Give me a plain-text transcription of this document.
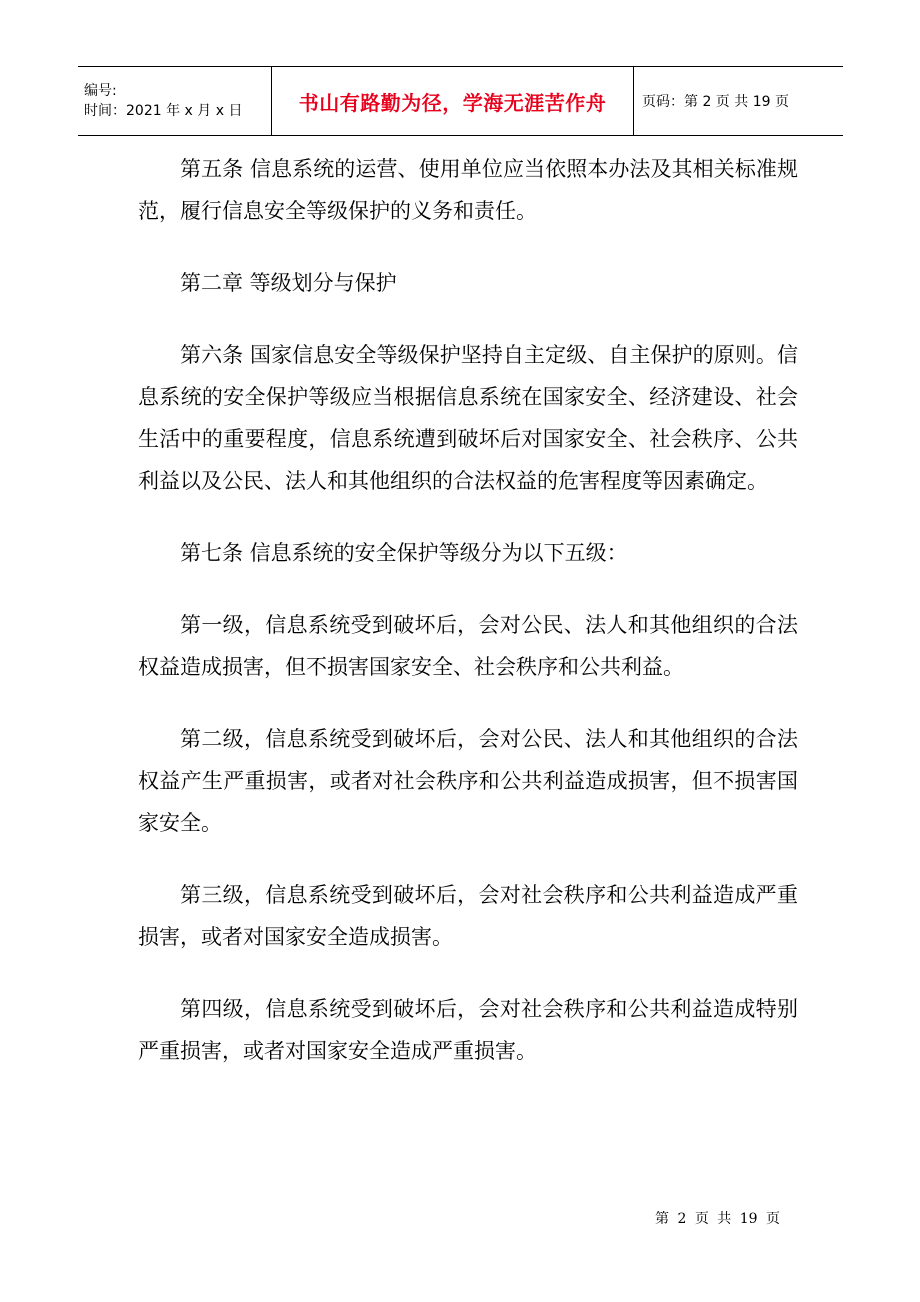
编号:
时间：2021 年 x 月 x 日	书山有路勤为径，学海无涯苦作舟	页码：第 2 页 共 19 页

第五条 信息系统的运营、使用单位应当依照本办法及其相关标准规范，履行信息安全等级保护的义务和责任。

第二章 等级划分与保护

第六条 国家信息安全等级保护坚持自主定级、自主保护的原则。信息系统的安全保护等级应当根据信息系统在国家安全、经济建设、社会生活中的重要程度，信息系统遭到破坏后对国家安全、社会秩序、公共利益以及公民、法人和其他组织的合法权益的危害程度等因素确定。

第七条 信息系统的安全保护等级分为以下五级：

第一级，信息系统受到破坏后，会对公民、法人和其他组织的合法权益造成损害，但不损害国家安全、社会秩序和公共利益。

第二级，信息系统受到破坏后，会对公民、法人和其他组织的合法权益产生严重损害，或者对社会秩序和公共利益造成损害，但不损害国家安全。

第三级，信息系统受到破坏后，会对社会秩序和公共利益造成严重损害，或者对国家安全造成损害。

第四级，信息系统受到破坏后，会对社会秩序和公共利益造成特别严重损害，或者对国家安全造成严重损害。

第 2 页 共 19 页
